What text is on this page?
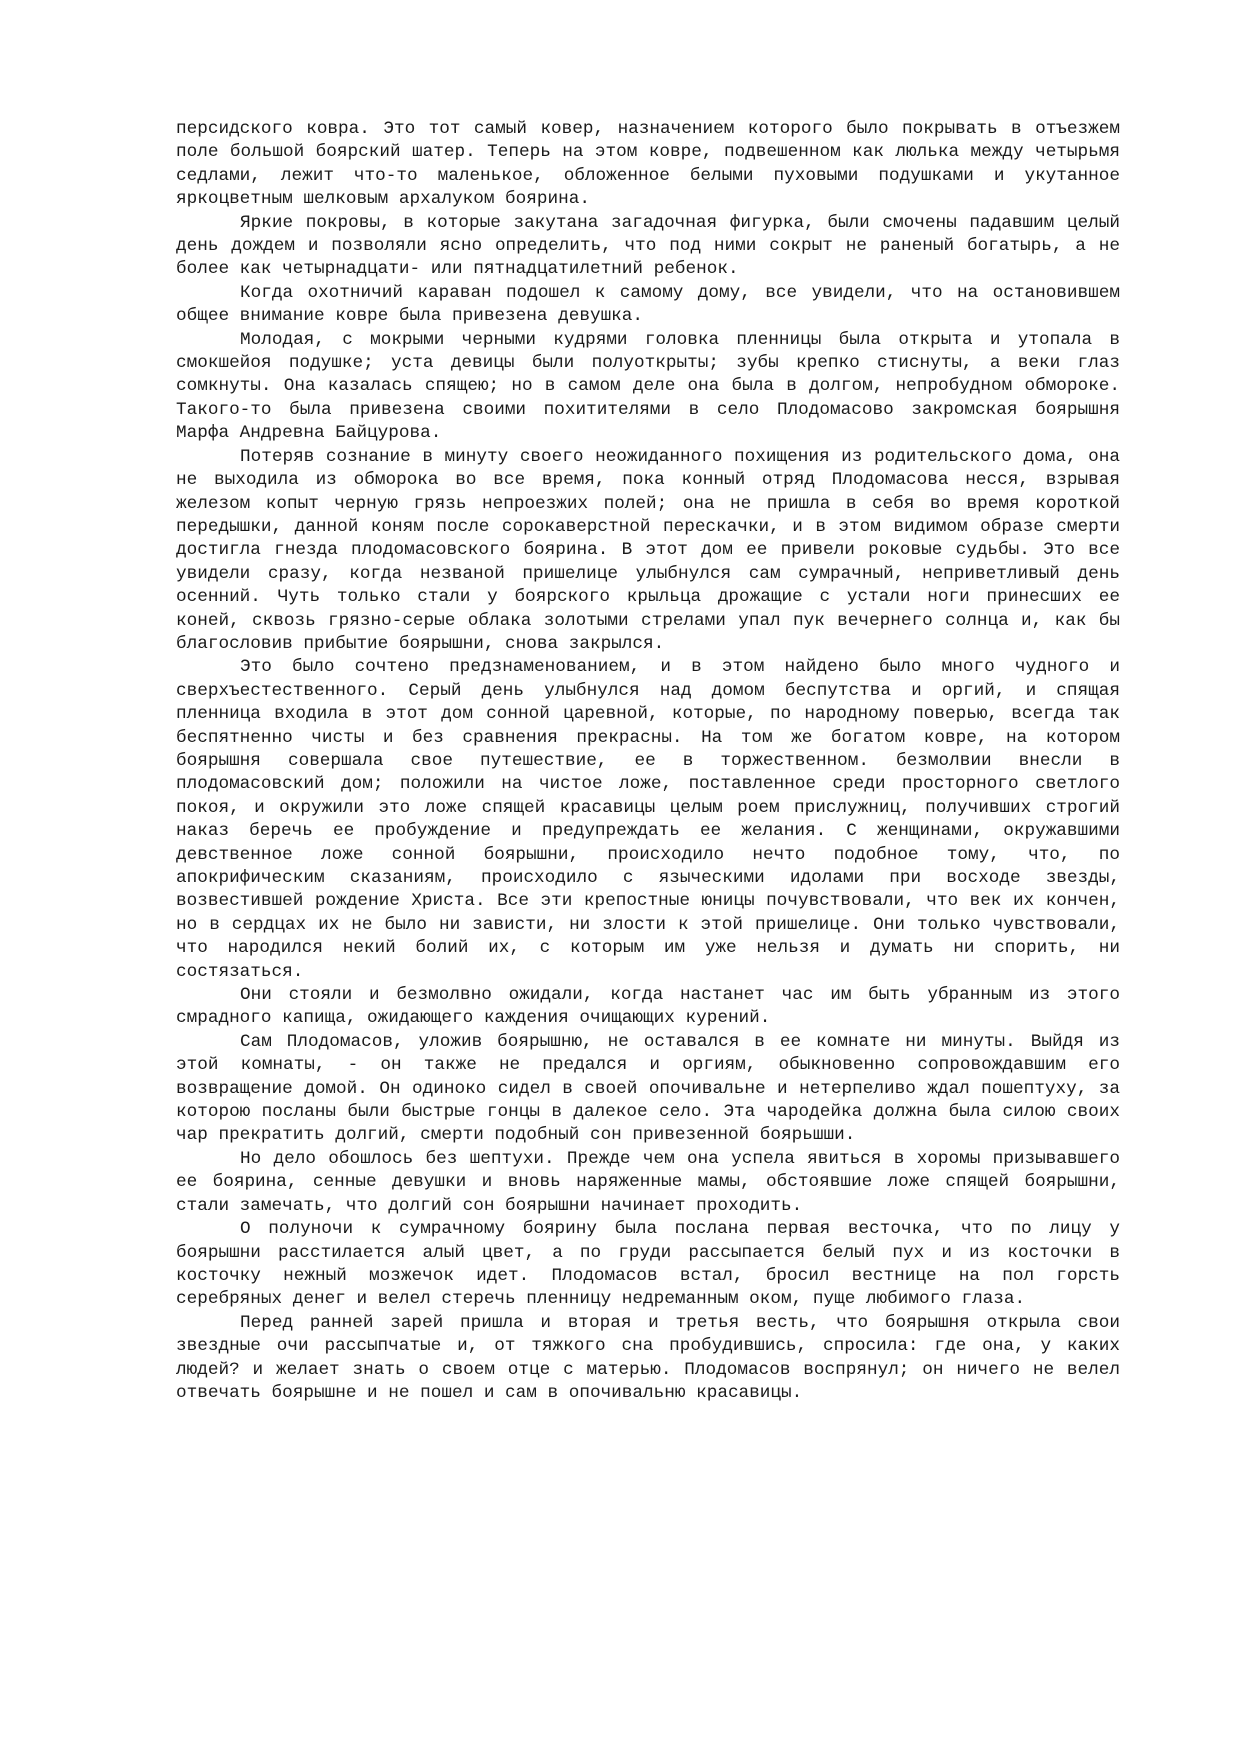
персидского ковра. Это тот самый ковер, назначением которого было покрывать в отъезжем поле большой боярский шатер. Теперь на этом ковре, подвешенном как люлька между четырьмя седлами, лежит что-то маленькое, обложенное белыми пуховыми подушками и укутанное яркоцветным шелковым архалуком боярина.

Яркие покровы, в которые закутана загадочная фигурка, были смочены падавшим целый день дождем и позволяли ясно определить, что под ними сокрыт не раненый богатырь, а не более как четырнадцати- или пятнадцатилетний ребенок.

Когда охотничий караван подошел к самому дому, все увидели, что на остановившем общее внимание ковре была привезена девушка.

Молодая, с мокрыми черными кудрями головка пленницы была открыта и утопала в смокшейоя подушке; уста девицы были полуоткрыты; зубы крепко стиснуты, а веки глаз сомкнуты. Она казалась спящею; но в самом деле она была в долгом, непробудном обмороке. Такого-то была привезена своими похитителями в село Плодомасово закромская боярышня Марфа Андревна Байцурова.

Потеряв сознание в минуту своего неожиданного похищения из родительского дома, она не выходила из обморока во все время, пока конный отряд Плодомасова несся, взрывая железом копыт черную грязь непроезжих полей; она не пришла в себя во время короткой передышки, данной коням после сорокаверстной перескачки, и в этом видимом образе смерти достигла гнезда плодомасовского боярина. В этот дом ее привели роковые судьбы. Это все увидели сразу, когда незваной пришелице улыбнулся сам сумрачный, неприветливый день осенний. Чуть только стали у боярского крыльца дрожащие с устали ноги принесших ее коней, сквозь грязно-серые облака золотыми стрелами упал пук вечернего солнца и, как бы благословив прибытие боярышни, снова закрылся.

Это было сочтено предзнаменованием, и в этом найдено было много чудного и сверхъестественного. Серый день улыбнулся над домом беспутства и оргий, и спящая пленница входила в этот дом сонной царевной, которые, по народному поверью, всегда так беспятненно чисты и без сравнения прекрасны. На том же богатом ковре, на котором боярышня совершала свое путешествие, ее в торжественном. безмолвии внесли в плодомасовский дом; положили на чистое ложе, поставленное среди просторного светлого покоя, и окружили это ложе спящей красавицы целым роем прислужниц, получивших строгий наказ беречь ее пробуждение и предупреждать ее желания. С женщинами, окружавшими девственное ложе сонной боярышни, происходило нечто подобное тому, что, по апокрифическим сказаниям, происходило с языческими идолами при восходе звезды, возвестившей рождение Христа. Все эти крепостные юницы почувствовали, что век их кончен, но в сердцах их не было ни зависти, ни злости к этой пришелице. Они только чувствовали, что народился некий болий их, с которым им уже нельзя и думать ни спорить, ни состязаться.

Они стояли и безмолвно ожидали, когда настанет час им быть убранным из этого смрадного капища, ожидающего каждения очищающих курений.

Сам Плодомасов, уложив боярышню, не оставался в ее комнате ни минуты. Выйдя из этой комнаты, - он также не предался и оргиям, обыкновенно сопровождавшим его возвращение домой. Он одиноко сидел в своей опочивальне и нетерпеливо ждал пошептуху, за которою посланы были быстрые гонцы в далекое село. Эта чародейка должна была силою своих чар прекратить долгий, смерти подобный сон привезенной боярьшши.

Но дело обошлось без шептухи. Прежде чем она успела явиться в хоромы призывавшего ее боярина, сенные девушки и вновь наряженные мамы, обстоявшие ложе спящей боярышни, стали замечать, что долгий сон боярышни начинает проходить.

О полуночи к сумрачному боярину была послана первая весточка, что по лицу у боярышни расстилается алый цвет, а по груди рассыпается белый пух и из косточки в косточку нежный мозжечок идет. Плодомасов встал, бросил вестнице на пол горсть серебряных денег и велел стеречь пленницу недреманным оком, пуще любимого глаза.

Перед ранней зарей пришла и вторая и третья весть, что боярышня открыла свои звездные очи рассыпчатые и, от тяжкого сна пробудившись, спросила: где она, у каких людей? и желает знать о своем отце с матерью. Плодомасов воспрянул; он ничего не велел отвечать боярышне и не пошел и сам в опочивальню красавицы.
